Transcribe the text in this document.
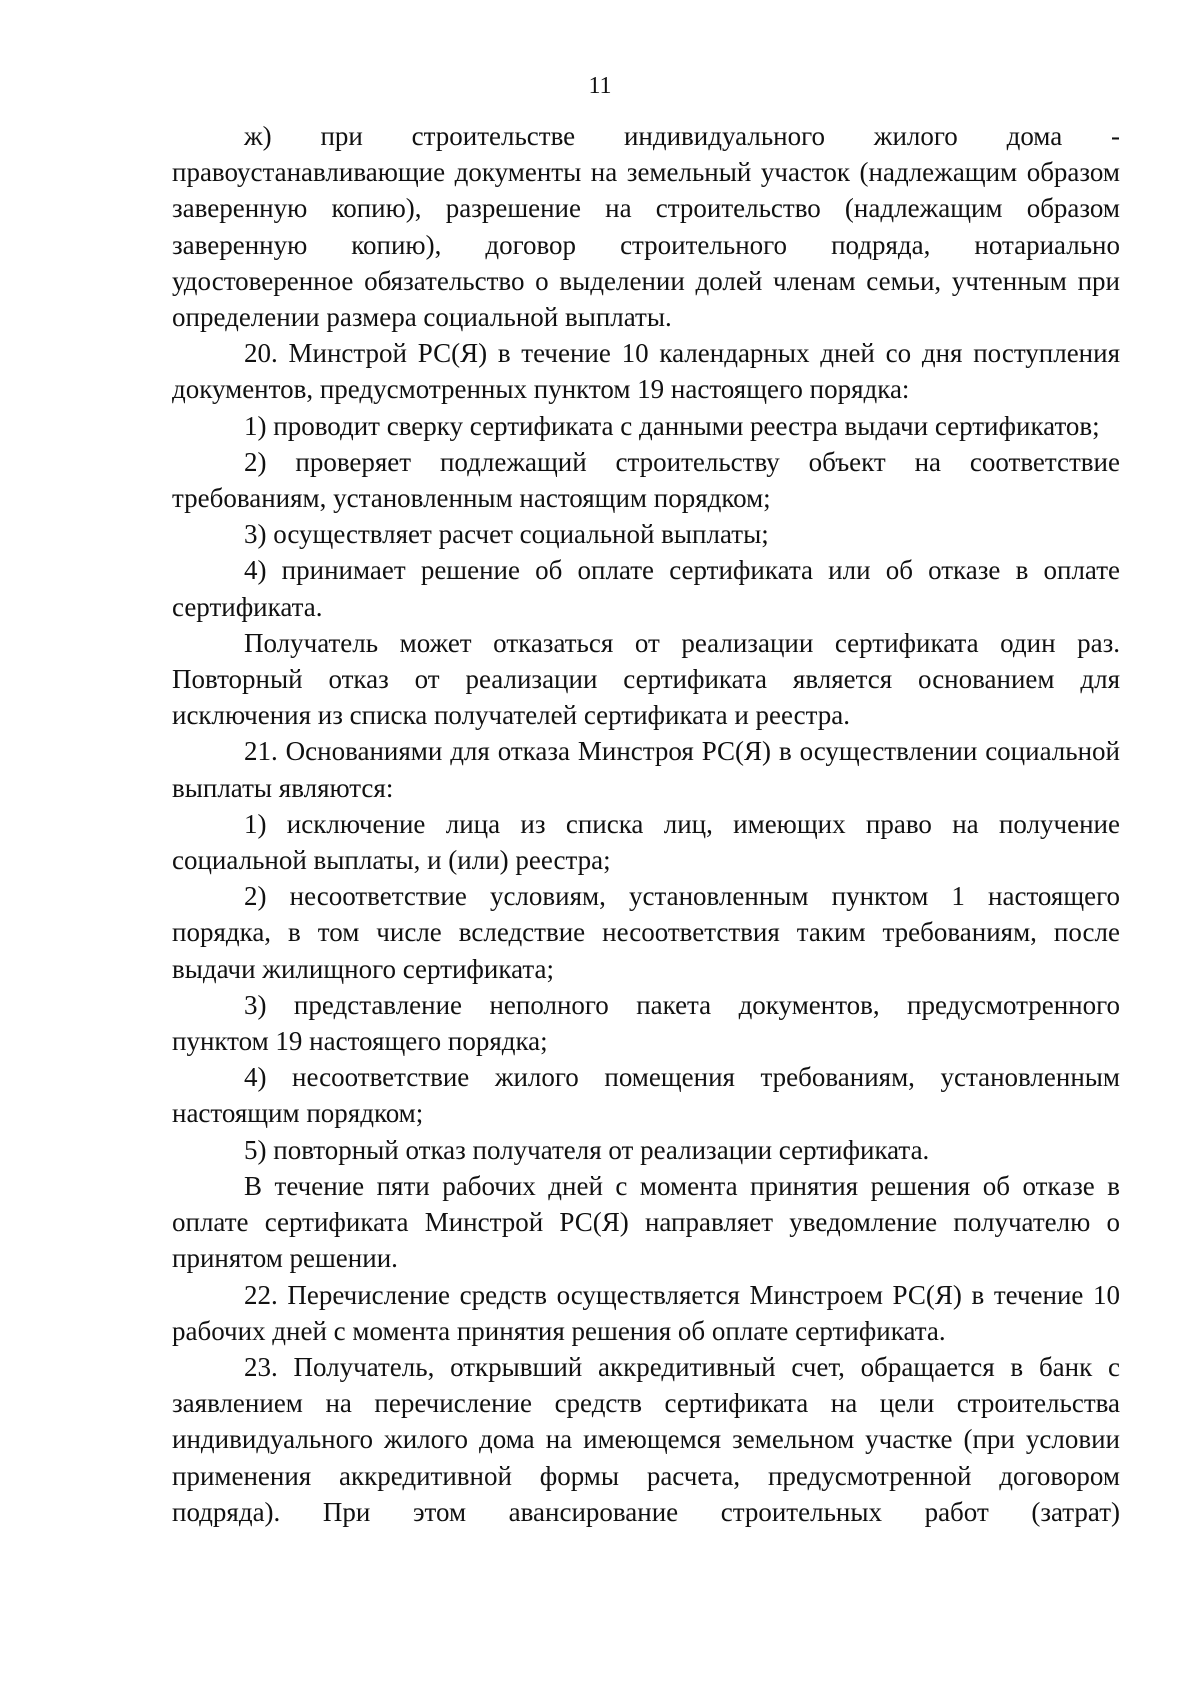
11

ж) при строительстве индивидуального жилого дома - правоустанавливающие документы на земельный участок (надлежащим образом заверенную копию), разрешение на строительство (надлежащим образом заверенную копию), договор строительного подряда, нотариально удостоверенное обязательство о выделении долей членам семьи, учтенным при определении размера социальной выплаты.

20. Минстрой РС(Я) в течение 10 календарных дней со дня поступления документов, предусмотренных пунктом 19 настоящего порядка:

1) проводит сверку сертификата с данными реестра выдачи сертификатов;

2) проверяет подлежащий строительству объект на соответствие требованиям, установленным настоящим порядком;

3) осуществляет расчет социальной выплаты;

4) принимает решение об оплате сертификата или об отказе в оплате сертификата.

Получатель может отказаться от реализации сертификата один раз. Повторный отказ от реализации сертификата является основанием для исключения из списка получателей сертификата и реестра.

21. Основаниями для отказа Минстроя РС(Я) в осуществлении социальной выплаты являются:

1) исключение лица из списка лиц, имеющих право на получение социальной выплаты, и (или) реестра;

2) несоответствие условиям, установленным пунктом 1 настоящего порядка, в том числе вследствие несоответствия таким требованиям, после выдачи жилищного сертификата;

3) представление неполного пакета документов, предусмотренного пунктом 19 настоящего порядка;

4) несоответствие жилого помещения требованиям, установленным настоящим порядком;

5) повторный отказ получателя от реализации сертификата.

В течение пяти рабочих дней с момента принятия решения об отказе в оплате сертификата Минстрой РС(Я) направляет уведомление получателю о принятом решении.

22. Перечисление средств осуществляется Минстроем РС(Я) в течение 10 рабочих дней с момента принятия решения об оплате сертификата.

23. Получатель, открывший аккредитивный счет, обращается в банк с заявлением на перечисление средств сертификата на цели строительства индивидуального жилого дома на имеющемся земельном участке (при условии применения аккредитивной формы расчета, предусмотренной договором подряда). При этом авансирование строительных работ (затрат)
